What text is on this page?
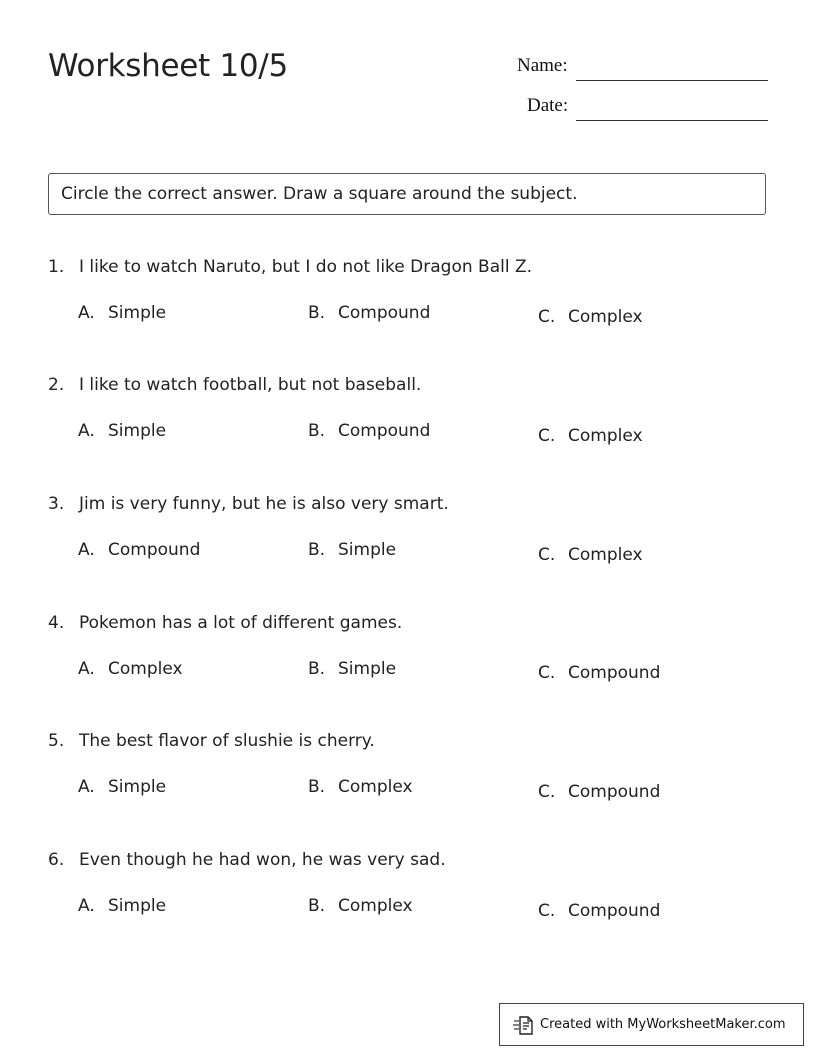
Worksheet 10/5	Name:
Date:
Circle the correct answer. Draw a square around the subject.
1. I like to watch Naruto, but I do not like Dragon Ball Z.
A. Simple	B. Compound	C. Complex
2. I like to watch football, but not baseball.
A. Simple	B. Compound	C. Complex
3. Jim is very funny, but he is also very smart.
A. Compound	B. Simple	C. Complex
4. Pokemon has a lot of different games.
A. Complex	B. Simple	C. Compound
5. The best flavor of slushie is cherry.
A. Simple	B. Complex	C. Compound
6. Even though he had won, he was very sad.
A. Simple	B. Complex	C. Compound
Created with MyWorksheetMaker.com
